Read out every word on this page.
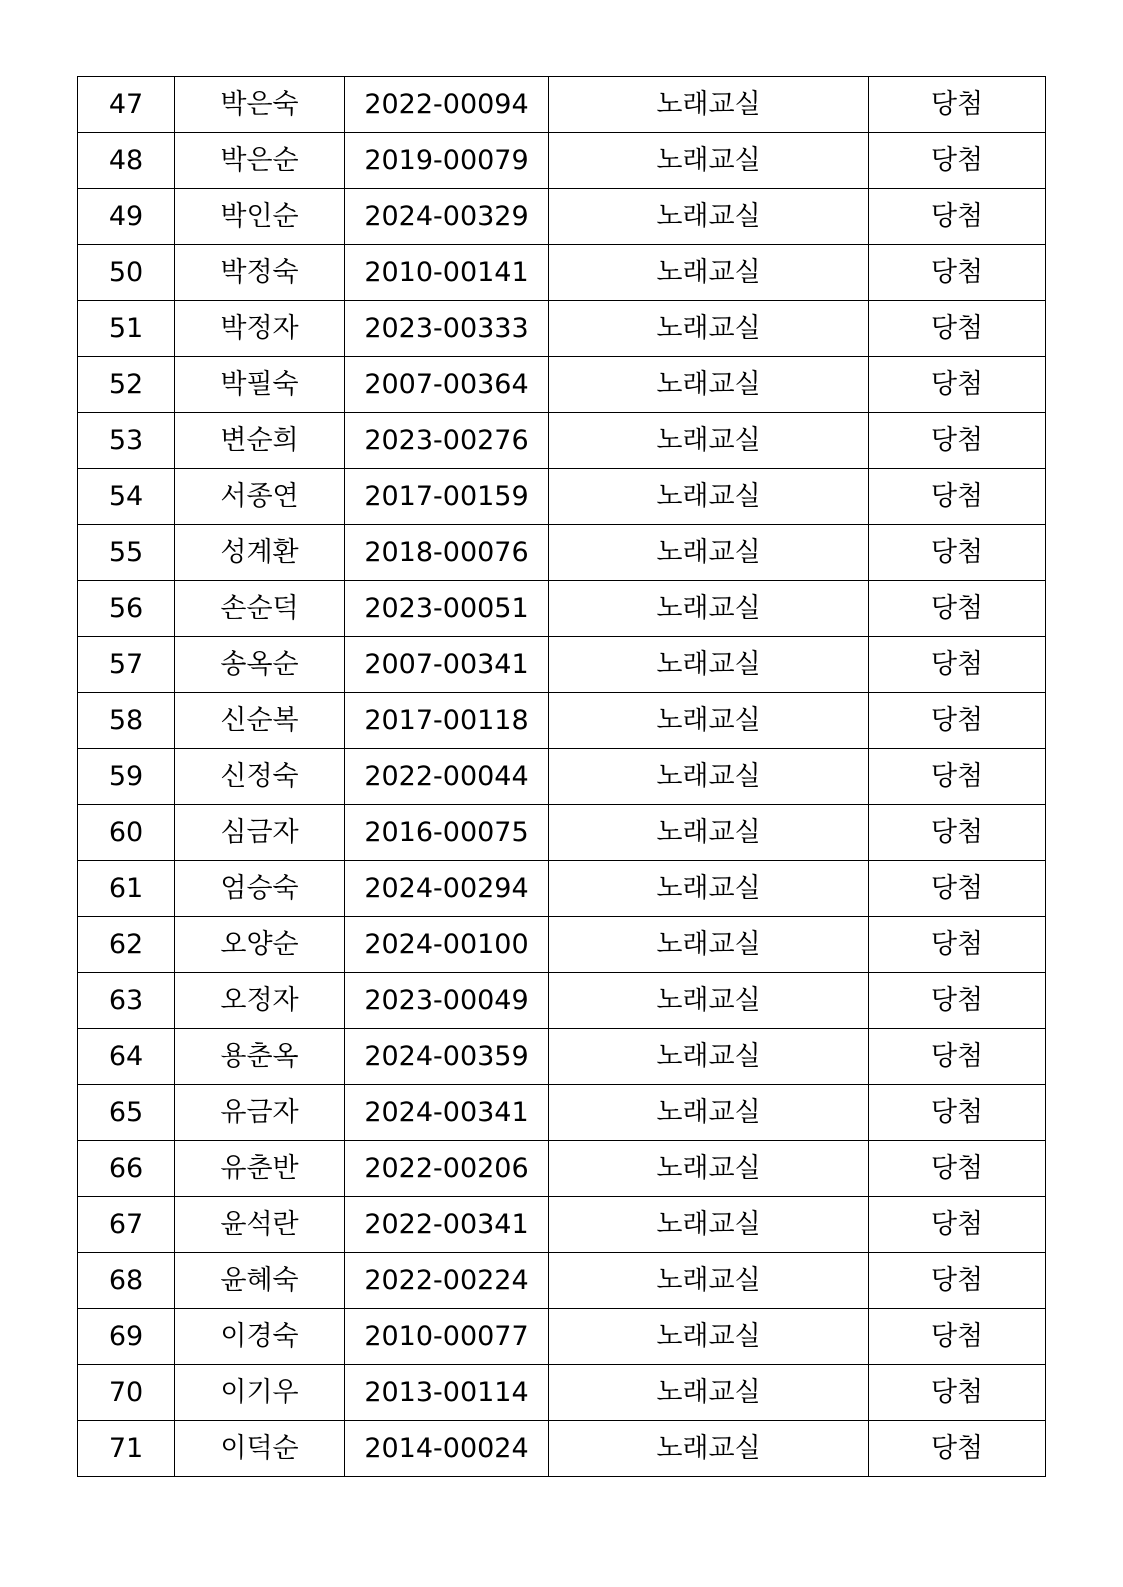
47	박은숙	2022-00094	노래교실	당첨
48	박은순	2019-00079	노래교실	당첨
49	박인순	2024-00329	노래교실	당첨
50	박정숙	2010-00141	노래교실	당첨
51	박정자	2023-00333	노래교실	당첨
52	박필숙	2007-00364	노래교실	당첨
53	변순희	2023-00276	노래교실	당첨
54	서종연	2017-00159	노래교실	당첨
55	성계환	2018-00076	노래교실	당첨
56	손순덕	2023-00051	노래교실	당첨
57	송옥순	2007-00341	노래교실	당첨
58	신순복	2017-00118	노래교실	당첨
59	신정숙	2022-00044	노래교실	당첨
60	심금자	2016-00075	노래교실	당첨
61	엄승숙	2024-00294	노래교실	당첨
62	오양순	2024-00100	노래교실	당첨
63	오정자	2023-00049	노래교실	당첨
64	용춘옥	2024-00359	노래교실	당첨
65	유금자	2024-00341	노래교실	당첨
66	유춘반	2022-00206	노래교실	당첨
67	윤석란	2022-00341	노래교실	당첨
68	윤혜숙	2022-00224	노래교실	당첨
69	이경숙	2010-00077	노래교실	당첨
70	이기우	2013-00114	노래교실	당첨
71	이덕순	2014-00024	노래교실	당첨
